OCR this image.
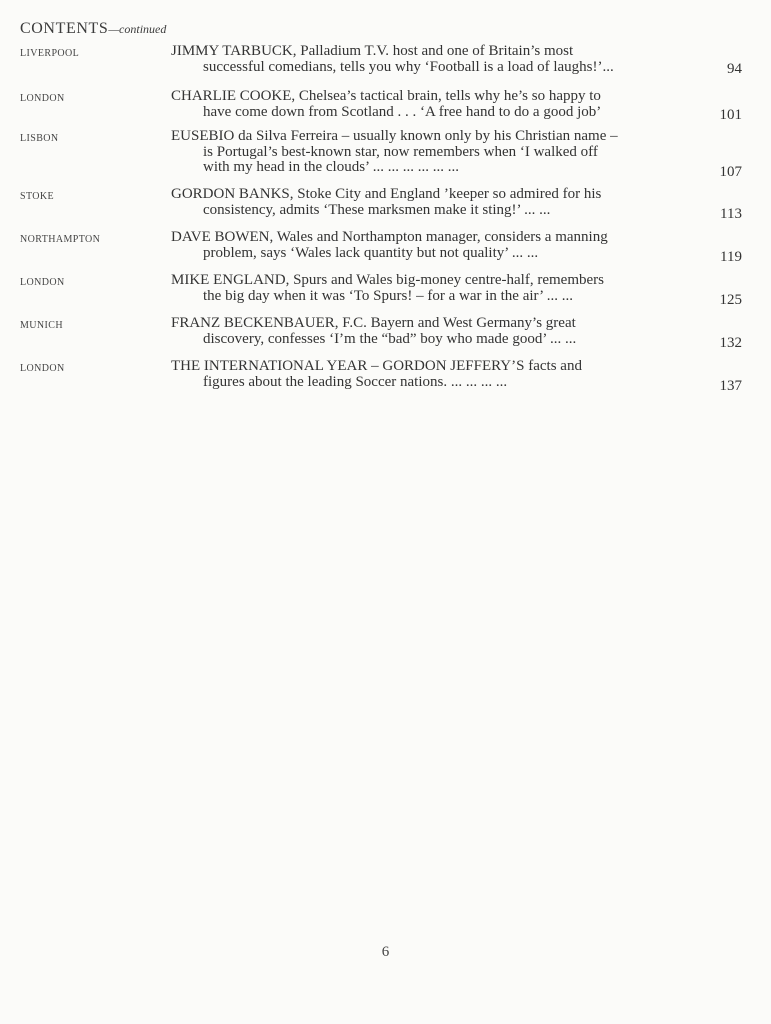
CONTENTS—continued
LIVERPOOL	JIMMY TARBUCK, Palladium T.V. host and one of Britain’s most
successful comedians, tells you why ‘Football is a load of laughs!’...	94
LONDON	CHARLIE COOKE, Chelsea’s tactical brain, tells why he’s so happy to
have come down from Scotland . . . ‘A free hand to do a good job’	101
LISBON	EUSEBIO da Silva Ferreira – usually known only by his Christian name –
is Portugal’s best-known star, now remembers when ‘I walked off
with my head in the clouds’ ... ... ... ... ... ...	107
STOKE	GORDON BANKS, Stoke City and England ’keeper so admired for his
consistency, admits ‘These marksmen make it sting!’ ... ...	113
NORTHAMPTON	DAVE BOWEN, Wales and Northampton manager, considers a manning
problem, says ‘Wales lack quantity but not quality’ ... ...	119
LONDON	MIKE ENGLAND, Spurs and Wales big-money centre-half, remembers
the big day when it was ‘To Spurs! – for a war in the air’ ... ...	125
MUNICH	FRANZ BECKENBAUER, F.C. Bayern and West Germany’s great
discovery, confesses ‘I’m the “bad” boy who made good’ ... ...	132
LONDON	THE INTERNATIONAL YEAR – GORDON JEFFERY’S facts and
figures about the leading Soccer nations. ... ... ... ...	137
6
